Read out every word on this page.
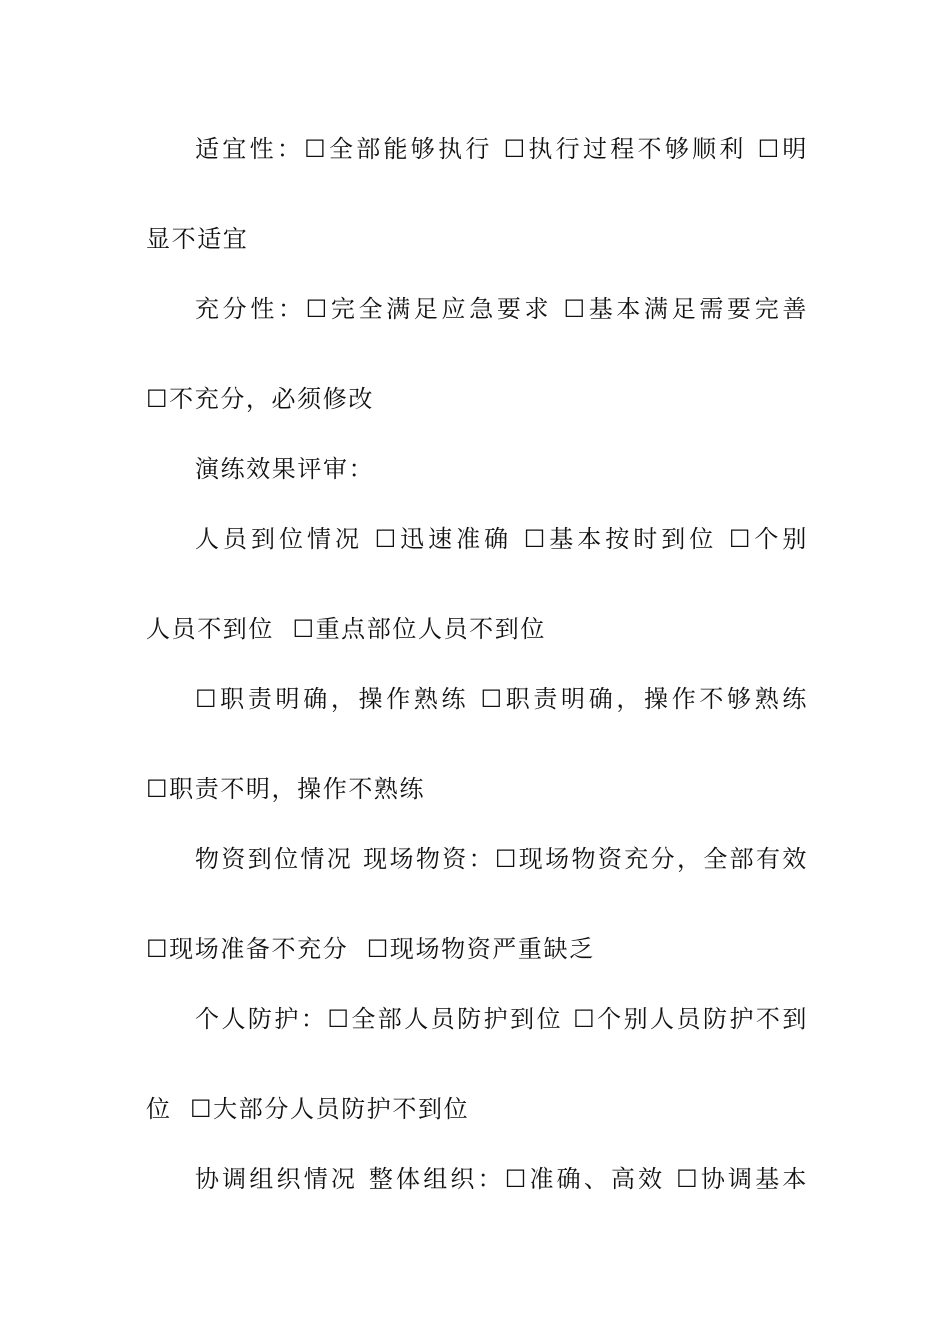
适宜性：☐全部能够执行 ☐执行过程不够顺利 ☐明
显不适宜
充分性：☐完全满足应急要求 ☐基本满足需要完善
☐不充分，必须修改
演练效果评审：
人员到位情况 ☐迅速准确 ☐基本按时到位 ☐个别
人员不到位  ☐重点部位人员不到位
☐职责明确，操作熟练 ☐职责明确，操作不够熟练
☐职责不明，操作不熟练
物资到位情况 现场物资：☐现场物资充分，全部有效
☐现场准备不充分  ☐现场物资严重缺乏
个人防护：☐全部人员防护到位 ☐个别人员防护不到
位  ☐大部分人员防护不到位
协调组织情况 整体组织：☐准确、高效 ☐协调基本
